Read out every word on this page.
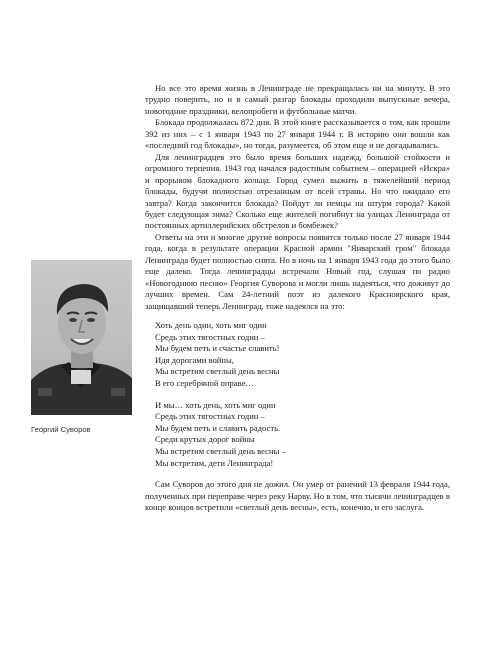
Георгий Суворов

Но все это время жизнь в Ленинграде не прекращалась ни на минуту. В это трудно поверить, но и в самый разгар блокады проходили выпускные вечера, новогодние праздники, велопробеги и футбольные матчи.

Блокада продолжалась 872 дня. В этой книге рассказывается о том, как прошли 392 из них – с 1 января 1943 по 27 января 1944 г. В историю они вошли как «последний год блокады», но тогда, разумеется, об этом еще и не догадывались.

Для ленинградцев это было время больших надежд, большой стойкости и огромного терпения. 1943 год начался радостным событием – операцией «Искра» и прорывом блокадного кольца. Город сумел выжить в тяжелейший период блокады, будучи полностью отрезанным от всей страны. Но что ожидало его завтра? Когда закончится блокада? Пойдут ли немцы на штурм города? Какой будет следующая зима? Сколько еще жителей погибнут на улицах Ленинграда от постоянных артиллерийских обстрелов и бомбежек?

Ответы на эти и многие другие вопросы появятся только после 27 января 1944 года, когда в результате операции Красной армии "Январский гром" блокада Ленинграда будет полностью снята. Но в ночь на 1 января 1943 года до этого было еще далеко. Тогда ленинградцы встречали Новый год, слушая по радио «Новогоднюю песню» Георгия Суворова и могли лишь надеяться, что доживут до лучших времен. Сам 24-летний поэт из далекого Красноярского края, защищавший теперь Ленинград, тоже надеялся на это:

Хоть день один, хоть миг один
Средь этих тягостных годин –
Мы будем петь и счастье славить!
Идя дорогами войны,
Мы встретим светлый день весны
В его серебряной оправе…
И мы… хоть день, хоть миг один
Средь этих тягостных годин –
Мы будем петь и славить радость.
Среди крутых дорог войны
Мы встретим светлый день весны –
Мы встретим, дети Ленинграда!

Сам Суворов до этого дня не дожил. Он умер от ранений 13 февраля 1944 года, полученных при переправе через реку Нарву. Но в том, что тысячи ленинградцев в конце концов встретили «светлый день весны», есть, конечно, и его заслуга.
